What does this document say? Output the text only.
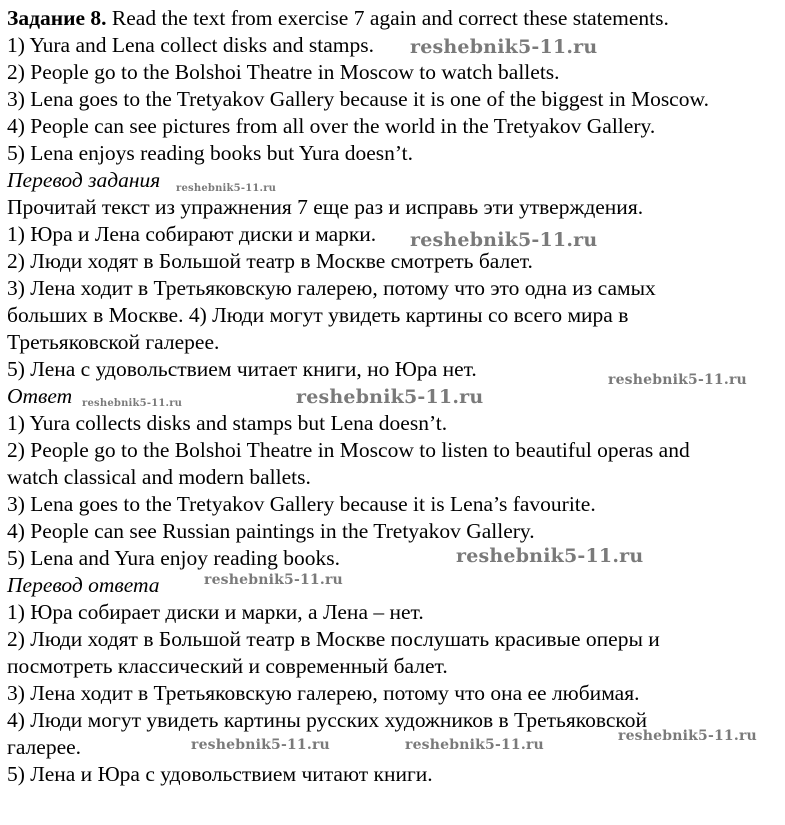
Задание 8. Read the text from exercise 7 again and correct these statements.
1) Yura and Lena collect disks and stamps.
2) People go to the Bolshoi Theatre in Moscow to watch ballets.
3) Lena goes to the Tretyakov Gallery because it is one of the biggest in Moscow.
4) People can see pictures from all over the world in the Tretyakov Gallery.
5) Lena enjoys reading books but Yura doesn’t.
Перевод задания
Прочитай текст из упражнения 7 еще раз и исправь эти утверждения.
1) Юра и Лена собирают диски и марки.
2) Люди ходят в Большой театр в Москве смотреть балет.
3) Лена ходит в Третьяковскую галерею, потому что это одна из самых
больших в Москве. 4) Люди могут увидеть картины со всего мира в
Третьяковской галерее.
5) Лена с удовольствием читает книги, но Юра нет.
Ответ
1) Yura collects disks and stamps but Lena doesn’t.
2) People go to the Bolshoi Theatre in Moscow to listen to beautiful operas and
watch classical and modern ballets.
3) Lena goes to the Tretyakov Gallery because it is Lena’s favourite.
4) People can see Russian paintings in the Tretyakov Gallery.
5) Lena and Yura enjoy reading books.
Перевод ответа
1) Юра собирает диски и марки, а Лена – нет.
2) Люди ходят в Большой театр в Москве послушать красивые оперы и
посмотреть классический и современный балет.
3) Лена ходит в Третьяковскую галерею, потому что она ее любимая.
4) Люди могут увидеть картины русских художников в Третьяковской
галерее.
5) Лена и Юра с удовольствием читают книги.
reshebnik5-11.ru
reshebnik5-11.ru
reshebnik5-11.ru
reshebnik5-11.ru
reshebnik5-11.ru	reshebnik5-11.ru
reshebnik5-11.ru
reshebnik5-11.ru
reshebnik5-11.ru
reshebnik5-11.ru	reshebnik5-11.ru
